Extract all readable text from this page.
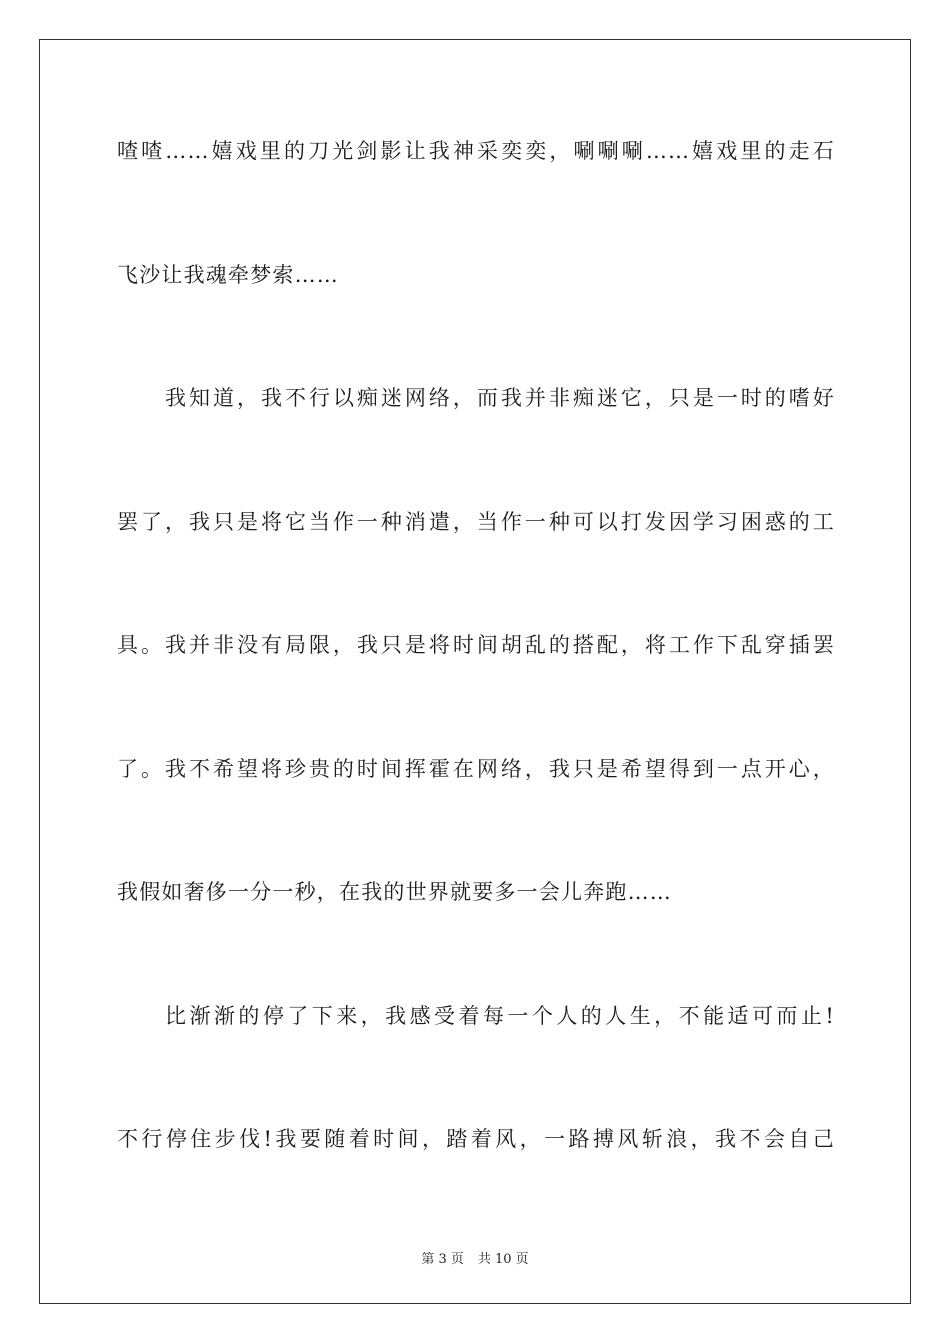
喳喳……嬉戏里的刀光剑影让我神采奕奕，唰唰唰……嬉戏里的走石
飞沙让我魂牵梦索……
我知道，我不行以痴迷网络，而我并非痴迷它，只是一时的嗜好
罢了，我只是将它当作一种消遣，当作一种可以打发因学习困惑的工
具。我并非没有局限，我只是将时间胡乱的搭配，将工作下乱穿插罢
了。我不希望将珍贵的时间挥霍在网络，我只是希望得到一点开心，
我假如奢侈一分一秒，在我的世界就要多一会儿奔跑……
比渐渐的停了下来，我感受着每一个人的人生，不能适可而止!
不行停住步伐!我要随着时间，踏着风，一路搏风斩浪，我不会自己
第 3 页 共 10 页
